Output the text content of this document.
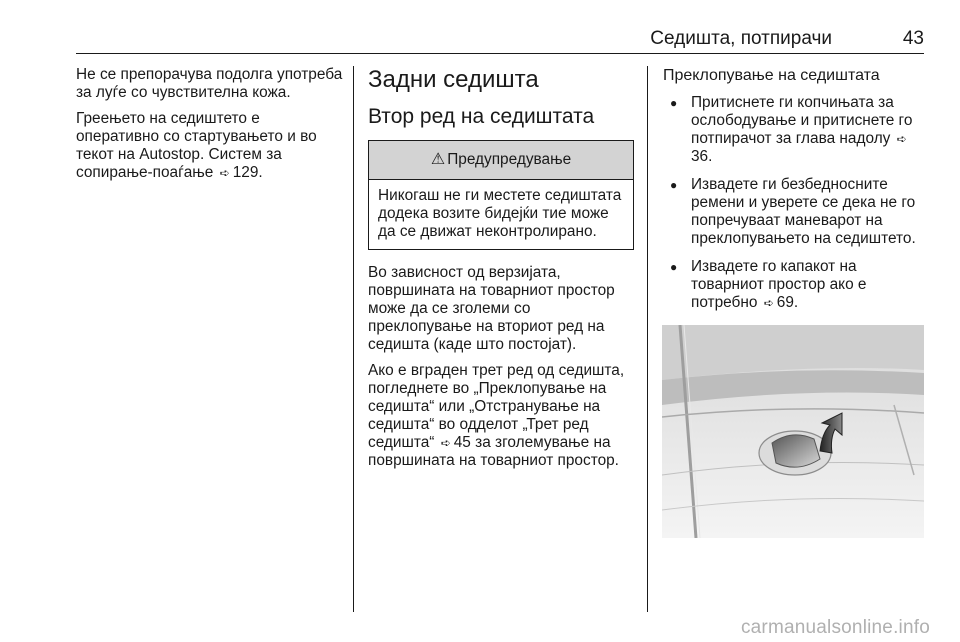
Седишта, потпирачи	43

Не се препорачува подолга употреба за луѓе со чувствителна кожа.

Греењето на седиштето е оперативно со стартувањето и во текот на Autostop. Систем за сопирање-поаѓање ➪ 129.

Задни седишта
Втор ред на седиштата
⚠ Предупредување
Никогаш не ги местете седиштата додека возите бидејќи тие може да се движат неконтролирано.

Во зависност од верзијата, површината на товарниот простор може да се зголеми со преклопување на вториот ред на седишта (каде што постојат).

Ако е вграден трет ред од седишта, погледнете во „Преклопување на седишта“ или „Отстранување на седишта“ во одделот „Трет ред седишта“ ➪ 45 за зголемување на површината на товарниот простор.

Преклопување на седиштата
● Притиснете ги копчињата за ослободување и притиснете го потпирачот за глава надолу ➪36.
● Извадете ги безбедносните ремени и уверете се дека не го попречуваат маневарот на преклопувањето на седиштето.
● Извадете го капакот на товарниот простор ако е потребно ➪ 69.
carmanualsonline.info
